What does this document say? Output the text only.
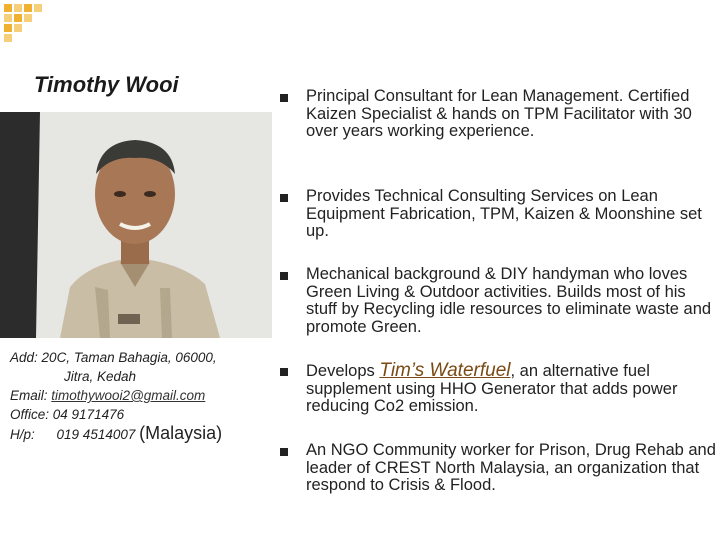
Timothy Wooi
Add: 20C, Taman Bahagia, 06000,
Jitra, Kedah
Email: timothywooi2@gmail.com
Office: 04 9171476
H/p: 019 4514007 (Malaysia)
Principal Consultant for Lean Management. Certified Kaizen Specialist & hands on TPM Facilitator with 30 over years working experience.
Provides Technical Consulting Services on Lean Equipment Fabrication, TPM, Kaizen & Moonshine set up.
Mechanical background & DIY handyman who loves Green Living & Outdoor activities. Builds most of his stuff by Recycling idle resources to eliminate waste and promote Green.
Develops Tim’s Waterfuel, an alternative fuel supplement using HHO Generator that adds power reducing Co2 emission.
An NGO Community worker for Prison, Drug Rehab and leader of CREST North Malaysia, an organization that respond to Crisis & Flood.
